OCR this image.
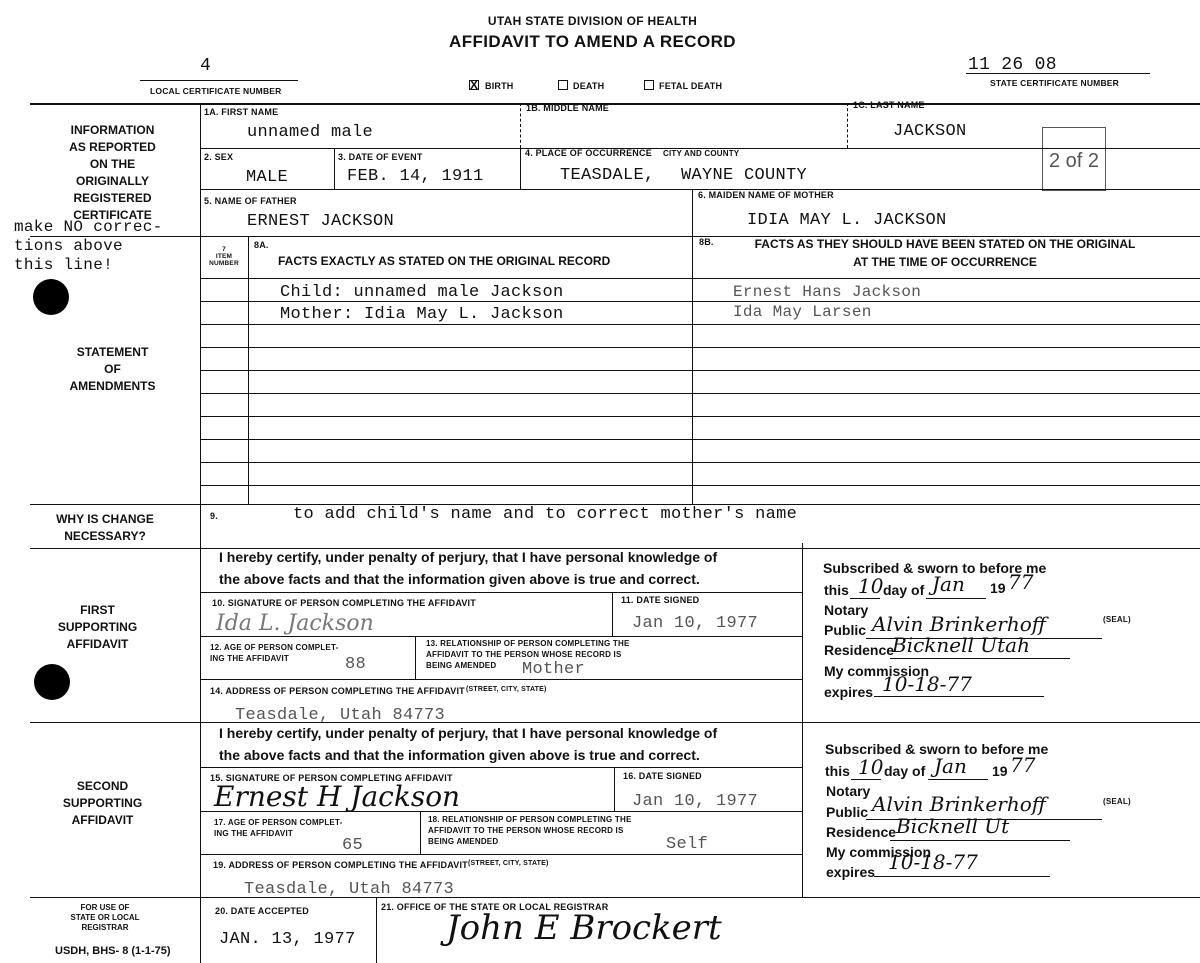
UTAH STATE DIVISION OF HEALTH
AFFIDAVIT TO AMEND A RECORD
4
LOCAL CERTIFICATE NUMBER
11 26 08
STATE CERTIFICATE NUMBER
X BIRTH	DEATH	FETAL DEATH
2 of 2
INFORMATION
AS REPORTED
ON THE
ORIGINALLY
REGISTERED
CERTIFICATE
STATEMENT
OF
AMENDMENTS
WHY IS CHANGE
NECESSARY?
FIRST
SUPPORTING
AFFIDAVIT
SECOND
SUPPORTING
AFFIDAVIT
FOR USE OF
STATE OR LOCAL
REGISTRAR
USDH, BHS- 8 (1-1-75)
make NO correc-
tions above
this line!
1A. FIRST NAME
unnamed male
1B. MIDDLE NAME	1C. LAST NAME
JACKSON
2. SEX
MALE
3. DATE OF EVENT
FEB. 14, 1911
4. PLACE OF OCCURRENCE CITY AND COUNTY
TEASDALE, WAYNE COUNTY
5. NAME OF FATHER
ERNEST JACKSON
6. MAIDEN NAME OF MOTHER
IDIA MAY L. JACKSON
7
ITEM
NUMBER
8A.
FACTS EXACTLY AS STATED ON THE ORIGINAL RECORD
8B.	FACTS AS THEY SHOULD HAVE BEEN STATED ON THE ORIGINAL
AT THE TIME OF OCCURRENCE
Child: unnamed male Jackson	Ernest Hans Jackson
Mother: Idia May L. Jackson	Ida May Larsen
9.	to add child's name and to correct mother's name
I hereby certify, under penalty of perjury, that I have personal knowledge of
the above facts and that the information given above is true and correct.
10. SIGNATURE OF PERSON COMPLETING THE AFFIDAVIT
Ida L. Jackson
11. DATE SIGNED
Jan 10, 1977
12. AGE OF PERSON COMPLET-
ING THE AFFIDAVIT	88
13. RELATIONSHIP OF PERSON COMPLETING THE
AFFIDAVIT TO THE PERSON WHOSE RECORD IS
BEING AMENDED	Mother
14. ADDRESS OF PERSON COMPLETING THE AFFIDAVIT (STREET, CITY, STATE)
Teasdale, Utah 84773
Subscribed & sworn to before me
this 10 day of Jan 19 77
Notary
Public Alvin Brinkerhoff	(SEAL)
Residence
Bicknell Utah
My commission
expires 10-18-77
I hereby certify, under penalty of perjury, that I have personal knowledge of
the above facts and that the information given above is true and correct.
15. SIGNATURE OF PERSON COMPLETING AFFIDAVIT
Ernest H Jackson
16. DATE SIGNED
Jan 10, 1977
17. AGE OF PERSON COMPLET-
ING THE AFFIDAVIT
65
18. RELATIONSHIP OF PERSON COMPLETING THE
AFFIDAVIT TO THE PERSON WHOSE RECORD IS
BEING AMENDED	Self
19. ADDRESS OF PERSON COMPLETING THE AFFIDAVIT (STREET, CITY, STATE)
Teasdale, Utah 84773
Subscribed & sworn to before me
this 10 day of Jan 19 77
Notary
Public Alvin Brinkerhoff	(SEAL)
Residence Bicknell Ut
My commission
expires 10-18-77
20. DATE ACCEPTED
JAN. 13, 1977
21. OFFICE OF THE STATE OR LOCAL REGISTRAR
John E Brockert
